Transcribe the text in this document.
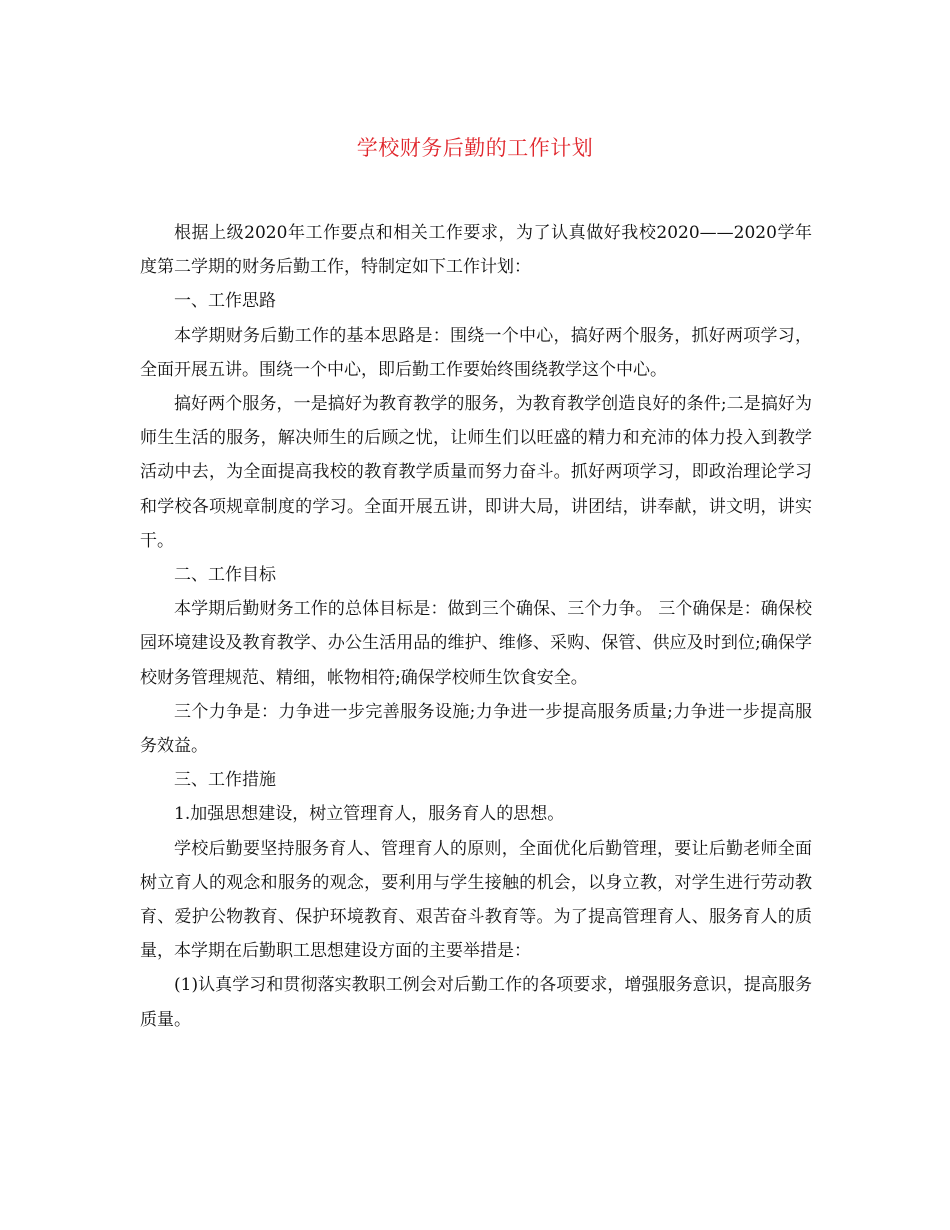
学校财务后勤的工作计划

根据上级2020年工作要点和相关工作要求，为了认真做好我校2020——2020学年度第二学期的财务后勤工作，特制定如下工作计划：

一、工作思路

本学期财务后勤工作的基本思路是：围绕一个中心，搞好两个服务，抓好两项学习，全面开展五讲。围绕一个中心，即后勤工作要始终围绕教学这个中心。

搞好两个服务，一是搞好为教育教学的服务，为教育教学创造良好的条件;二是搞好为师生生活的服务，解决师生的后顾之忧，让师生们以旺盛的精力和充沛的体力投入到教学活动中去，为全面提高我校的教育教学质量而努力奋斗。抓好两项学习，即政治理论学习和学校各项规章制度的学习。全面开展五讲，即讲大局，讲团结，讲奉献，讲文明，讲实干。

二、工作目标

本学期后勤财务工作的总体目标是：做到三个确保、三个力争。 三个确保是：确保校园环境建设及教育教学、办公生活用品的维护、维修、采购、保管、供应及时到位;确保学校财务管理规范、精细，帐物相符;确保学校师生饮食安全。

三个力争是：力争进一步完善服务设施;力争进一步提高服务质量;力争进一步提高服务效益。

三、工作措施

1.加强思想建设，树立管理育人，服务育人的思想。

学校后勤要坚持服务育人、管理育人的原则，全面优化后勤管理，要让后勤老师全面树立育人的观念和服务的观念，要利用与学生接触的机会，以身立教，对学生进行劳动教育、爱护公物教育、保护环境教育、艰苦奋斗教育等。为了提高管理育人、服务育人的质量，本学期在后勤职工思想建设方面的主要举措是：

(1)认真学习和贯彻落实教职工例会对后勤工作的各项要求，增强服务意识，提高服务质量。
